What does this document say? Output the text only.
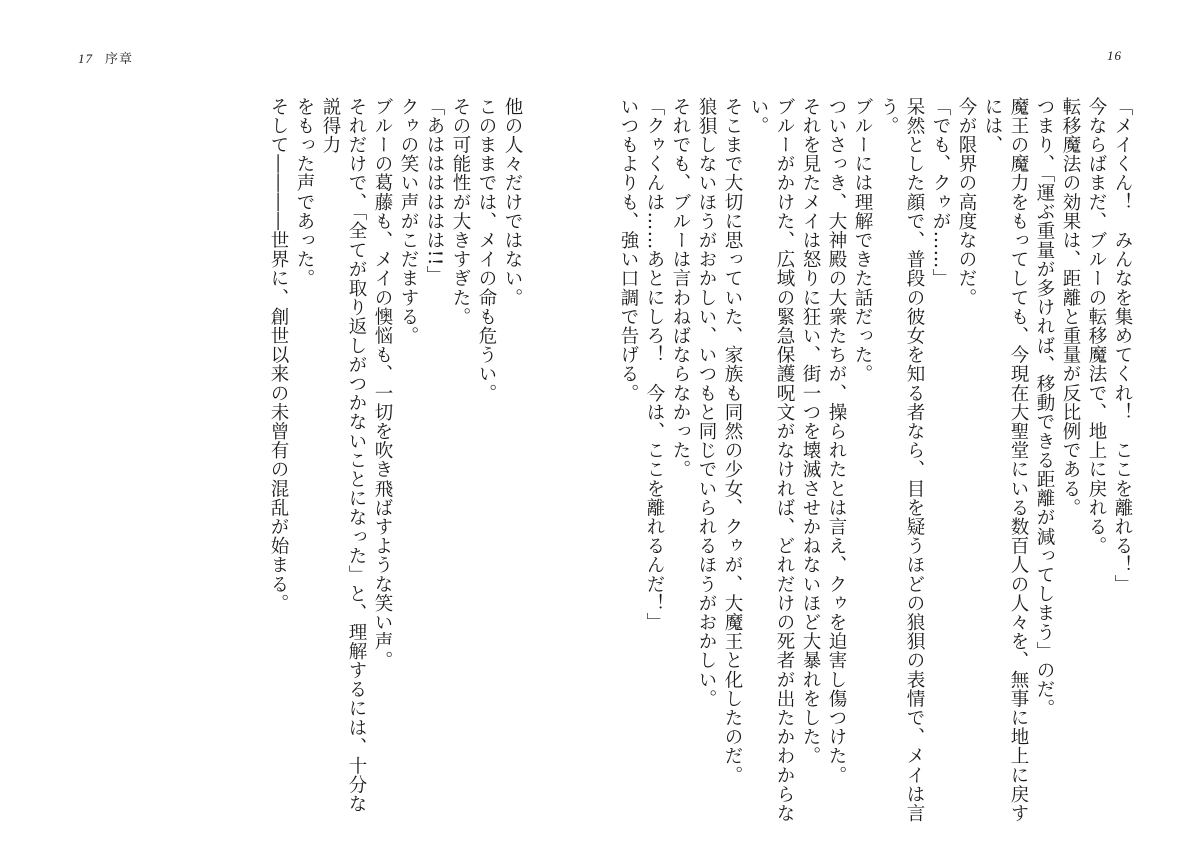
17 序章	16

「メイくん！　みんなを集めてくれ！　ここを離れる！」

今ならばまだ、ブルーの転移魔法で、地上に戻れる。

転移魔法の効果は、距離と重量が反比例である。

つまり、「運ぶ重量が多ければ、移動できる距離が減ってしまう」のだ。

魔王の魔力をもってしても、今現在大聖堂にいる数百人の人々を、無事に地上に戻すには、

今が限界の高度なのだ。

「でも、クゥが……」

呆然とした顔で、普段の彼女を知る者なら、目を疑うほどの狼狽の表情で、メイは言う。

ブルーには理解できた話だった。

ついさっき、大神殿の大衆たちが、操られたとは言え、クゥを迫害し傷つけた。

それを見たメイは怒りに狂い、街一つを壊滅させかねないほど大暴れをした。

ブルーがかけた、広域の緊急保護呪文がなければ、どれだけの死者が出たかわからない。

そこまで大切に思っていた、家族も同然の少女、クゥが、大魔王と化したのだ。

狼狽しないほうがおかしい、いつもと同じでいられるほうがおかしい。

それでも、ブルーは言わねばならなかった。

「クゥくんは……あとにしろ！　今は、ここを離れるんだ！」

いつもよりも、強い口調で告げる。

他の人々だけではない。

このままでは、メイの命も危うい。

その可能性が大きすぎた。

「あはははははは!!」

クゥの笑い声がこだまする。

ブルーの葛藤も、メイの懊悩も、一切を吹き飛ばすような笑い声。

それだけで、「全てが取り返しがつかないことになった」と、理解するには、十分な説得力

をもった声であった。

そして――――世界に、創世以来の未曾有の混乱が始まる。
